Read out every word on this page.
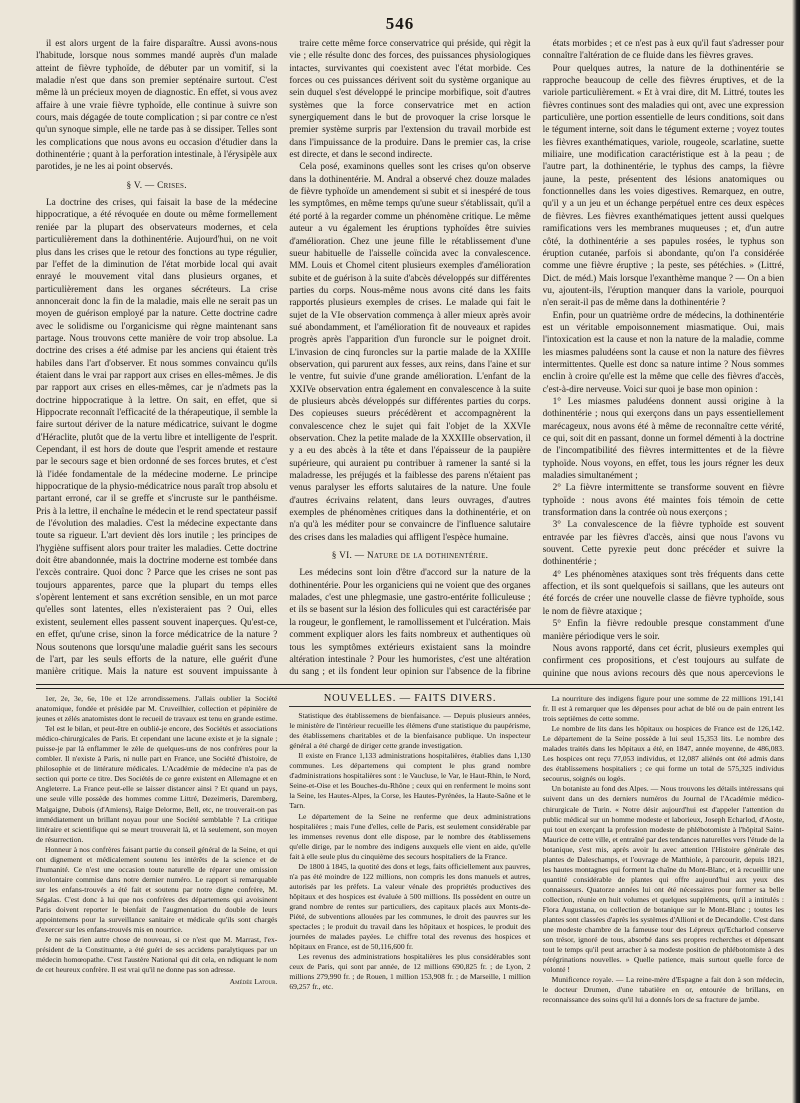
546

il est alors urgent de la faire disparaître. Aussi avons-nous l'habitude, lorsque nous sommes mandé auprès d'un malade atteint de fièvre typhoïde, de débuter par un vomitif, si la maladie n'est que dans son premier septénaire surtout. C'est même là un précieux moyen de diagnostic. En effet, si vous avez affaire à une vraie fièvre typhoïde, elle continue à suivre son cours, mais dégagée de toute complication ; si par contre ce n'est qu'un synoque simple, elle ne tarde pas à se dissiper. Telles sont les complications que nous avons eu occasion d'étudier dans la dothinentérie ; quant à la perforation intestinale, à l'érysipèle aux parotides, je ne les ai point observés.

§ V. — Crises.

La doctrine des crises, qui faisait la base de la médecine hippocratique, a été révoquée en doute ou même formellement reniée par la plupart des observateurs modernes, et cela particulièrement dans la dothinentérie. Aujourd'hui, on ne voit plus dans les crises que le retour des fonctions au type régulier, par l'effet de la diminution de l'état morbide local qui avait enrayé le mouvement vital dans plusieurs organes, et particulièrement dans les organes sécréteurs. La crise annoncerait donc la fin de la maladie, mais elle ne serait pas un moyen de guérison employé par la nature. Cette doctrine cadre avec le solidisme ou l'organicisme qui règne maintenant sans partage. Nous trouvons cette manière de voir trop absolue. La doctrine des crises a été admise par les anciens qui étaient très habiles dans l'art d'observer. Et nous sommes convaincu qu'ils étaient dans le vrai par rapport aux crises en elles-mêmes. Je dis par rapport aux crises en elles-mêmes, car je n'admets pas la doctrine hippocratique à la lettre. On sait, en effet, que si Hippocrate reconnaît l'efficacité de la thérapeutique, il semble la faire surtout dériver de la nature médicatrice, suivant le dogme d'Héraclite, plutôt que de la vertu libre et intelligente de l'esprit. Cependant, il est hors de doute que l'esprit amende et restaure par le secours sage et bien ordonné de ses forces brutes, et c'est là l'idée fondamentale de la médecine moderne. Le principe hippocratique de la physio-médicatrice nous paraît trop absolu et partant erroné, car il se greffe et s'incruste sur le panthéisme. Pris à la lettre, il enchaîne le médecin et le rend spectateur passif de l'évolution des maladies. C'est la médecine expectante dans toute sa rigueur. L'art devient dès lors inutile ; les principes de l'hygiène suffisent alors pour traiter les maladies. Cette doctrine doit être abandonnée, mais la doctrine moderne est tombée dans l'excès contraire. Quoi donc ? Parce que les crises ne sont pas toujours apparentes, parce que la plupart du temps elles s'opèrent lentement et sans excrétion sensible, en un mot parce qu'elles sont latentes, elles n'existeraient pas ? Oui, elles existent, seulement elles passent souvent inaperçues. Qu'est-ce, en effet, qu'une crise, sinon la force médicatrice de la nature ? Nous soutenons que lorsqu'une maladie guérit sans les secours de l'art, par les seuls efforts de la nature, elle guérit d'une manière critique. Mais la nature est souvent impuissante à

traire cette même force conservatrice qui préside, qui règit la vie ; elle résulte donc des forces, des puissances physiologiques intactes, survivantes qui coexistent avec l'état morbide. Ces forces ou ces puissances dérivent soit du système organique au sein duquel s'est développé le principe morbifique, soit d'autres systèmes que la force conservatrice met en action synergiquement dans le but de provoquer la crise lorsque le premier système surpris par l'extension du travail morbide est dans l'impuissance de la produire. Dans le premier cas, la crise est directe, et dans le second indirecte.

Cela posé, examinons quelles sont les crises qu'on observe dans la dothinentérie. M. Andral a observé chez douze malades de fièvre typhoïde un amendement si subit et si inespéré de tous les symptômes, en même temps qu'une sueur s'établissait, qu'il a été porté à la regarder comme un phénomène critique. Le même auteur a vu également les éruptions typhoïdes être suivies d'amélioration. Chez une jeune fille le rétablissement d'une sueur habituelle de l'aisselle coïncida avec la convalescence. MM. Louis et Chomel citent plusieurs exemples d'amélioration subite et de guérison à la suite d'abcès développés sur différentes parties du corps. Nous-même nous avons cité dans les faits rapportés plusieurs exemples de crises. Le malade qui fait le sujet de la VIe observation commença à aller mieux après avoir sué abondamment, et l'amélioration fit de nouveaux et rapides progrès après l'apparition d'un furoncle sur le poignet droit. L'invasion de cinq furoncles sur la partie malade de la XXIIIe observation, qui parurent aux fesses, aux reins, dans l'aine et sur le ventre, fut suivie d'une grande amélioration. L'enfant de la XXIVe observation entra également en convalescence à la suite de plusieurs abcès développés sur différentes parties du corps. Des copieuses sueurs précédèrent et accompagnèrent la convalescence chez le sujet qui fait l'objet de la XXVIe observation. Chez la petite malade de la XXXIIIe observation, il y a eu des abcès à la tête et dans l'épaisseur de la paupière supérieure, qui auraient pu contribuer à ramener la santé si la maladresse, les préjugés et la faiblesse des parens n'étaient pas venus paralyser les efforts salutaires de la nature. Une foule d'autres écrivains relatent, dans leurs ouvrages, d'autres exemples de phénomènes critiques dans la dothinentérie, et on n'a qu'à les méditer pour se convaincre de l'influence salutaire des crises dans les maladies qui affligent l'espèce humaine.

§ VI. — Nature de la dothinentérie.

Les médecins sont loin d'être d'accord sur la nature de la dothinentérie. Pour les organiciens qui ne voient que des organes malades, c'est une phlegmasie, une gastro-entérite folliculeuse ; et ils se basent sur la lésion des follicules qui est caractérisée par la rougeur, le gonflement, le ramollissement et l'ulcération. Mais comment expliquer alors les faits nombreux et authentiques où tous les symptômes extérieurs existaient sans la moindre altération intestinale ? Pour les humoristes, c'est une altération du sang ; et ils fondent leur opinion sur l'absence de la fibrine

états morbides ; et ce n'est pas à eux qu'il faut s'adresser pour connaître l'altération de ce fluide dans les fièvres graves.

Pour quelques autres, la nature de la dothinentérie se rapproche beaucoup de celle des fièvres éruptives, et de la variole particulièrement. « Et à vrai dire, dit M. Littré, toutes les fièvres continues sont des maladies qui ont, avec une expression particulière, une portion essentielle de leurs conditions, soit dans le tégument interne, soit dans le tégument externe ; voyez toutes les fièvres exanthématiques, variole, rougeole, scarlatine, suette miliaire, une modification caractéristique est à la peau ; de l'autre part, la dothinentérie, le typhus des camps, la fièvre jaune, la peste, présentent des lésions anatomiques ou fonctionnelles dans les voies digestives. Remarquez, en outre, qu'il y a un jeu et un échange perpétuel entre ces deux espèces de fièvres. Les fièvres exanthématiques jettent aussi quelques ramifications vers les membranes muqueuses ; et, d'un autre côté, la dothinentérie a ses papules rosées, le typhus son éruption cutanée, parfois si abondante, qu'on l'a considérée comme une fièvre éruptive ; la peste, ses pétéchies. » (Littré, Dict. de méd.) Mais lorsque l'exanthème manque ? — On a bien vu, ajoutent-ils, l'éruption manquer dans la variole, pourquoi n'en serait-il pas de même dans la dothinentérie ?

Enfin, pour un quatrième ordre de médecins, la dothinentérie est un véritable empoisonnement miasmatique. Oui, mais l'intoxication est la cause et non la nature de la maladie, comme les miasmes paludéens sont la cause et non la nature des fièvres intermittentes. Quelle est donc sa nature intime ? Nous sommes enclin à croire qu'elle est la même que celle des fièvres d'accès, c'est-à-dire nerveuse. Voici sur quoi je base mon opinion :

1° Les miasmes paludéens donnent aussi origine à la dothinentérie ; nous qui exerçons dans un pays essentiellement marécageux, nous avons été à même de reconnaître cette vérité, ce qui, soit dit en passant, donne un formel démenti à la doctrine de l'incompatibilité des fièvres intermittentes et de la fièvre typhoïde. Nous voyons, en effet, tous les jours régner les deux maladies simultanément ;

2° La fièvre intermittente se transforme souvent en fièvre typhoïde : nous avons été maintes fois témoin de cette transformation dans la contrée où nous exerçons ;

3° La convalescence de la fièvre typhoïde est souvent entravée par les fièvres d'accès, ainsi que nous l'avons vu souvent. Cette pyrexie peut donc précéder et suivre la dothinentérie ;

4° Les phénomènes ataxiques sont très fréquents dans cette affection, et ils sont quelquefois si saillans, que les auteurs ont été forcés de créer une nouvelle classe de fièvre typhoïde, sous le nom de fièvre ataxique ;

5° Enfin la fièvre redouble presque constamment d'une manière périodique vers le soir.

Nous avons rapporté, dans cet écrit, plusieurs exemples qui confirment ces propositions, et c'est toujours au sulfate de quinine que nous avions recours dès que nous apercevions le

1er, 2e, 3e, 6e, 10e et 12e arrondissemens. J'allais oublier la Société anatomique, fondée et présidée par M. Cruveilhier, collection et pépinière de jeunes et zélés anatomistes dont le recueil de travaux est tenu en grande estime.

Tel est le bilan, et peut-être en oublié-je encore, des Sociétés et associations médico-chirurgicales de Paris. Et cependant une lacune existe et je la signale ; puisse-je par là enflammer le zèle de quelques-uns de nos confrères pour la combler. Il n'existe à Paris, ni nulle part en France, une Société d'histoire, de philosophie et de littérature médicales. L'Académie de médecine n'a pas de section qui porte ce titre. Des Sociétés de ce genre existent en Allemagne et en Angleterre. La France peut-elle se laisser distancer ainsi ? Et quand un pays, une seule ville possède des hommes comme Littré, Dezeimeris, Daremberg, Malgaigne, Dubois (d'Amiens), Raige Delorme, Bell, etc, ne trouverait-on pas immédiatement un brillant noyau pour une Société semblable ? La critique littéraire et scientifique qui se meurt trouverait là, et là seulement, son moyen de résurrection.

Honneur à nos confrères faisant partie du conseil général de la Seine, et qui ont dignement et médicalement soutenu les intérêts de la science et de l'humanité. Ce n'est une occasion toute naturelle de réparer une omission involontaire commise dans notre dernier numéro. Le rapport si remarquable sur les enfans-trouvés a été fait et soutenu par notre digne confrère, M. Ségalas. C'est donc à lui que nos confrères des départemens qui avoisinent Paris doivent reporter le bienfait de l'augmentation du double de leurs appointemens pour la surveillance sanitaire et médicale qu'ils sont chargés d'exercer sur les enfans-trouvés mis en nourrice.

Je ne sais rien autre chose de nouveau, si ce n'est que M. Marrast, l'ex-président de la Constituante, a été guéri de ses accidens paralytiques par un médecin homœopathe. C'est l'austère National qui dit cela, en ndiquant le nom de cet heureux confrère. Il est vrai qu'il ne donne pas son adresse.

Amédée Latour.
NOUVELLES. — FAITS DIVERS.

Statistique des établissemens de bienfaisance. — Depuis plusieurs années, le ministère de l'intérieur recueille les élémens d'une statistique du paupérisme, des établissemens charitables et de la bienfaisance publique. Un inspecteur général a été chargé de diriger cette grande investigation.

Il existe en France 1,133 administrations hospitalières, établies dans 1,130 communes. Les départemens qui comptent le plus grand nombre d'administrations hospitalières sont : le Vaucluse, le Var, le Haut-Rhin, le Nord, Seine-et-Oise et les Bouches-du-Rhône ; ceux qui en renferment le moins sont la Seine, les Hautes-Alpes, la Corse, les Hautes-Pyrénées, la Haute-Saône et le Tarn.

Le département de la Seine ne renferme que deux administrations hospitalières ; mais l'une d'elles, celle de Paris, est seulement considérable par les immenses revenus dont elle dispose, par le nombre des établissemens qu'elle dirige, par le nombre des indigens auxquels elle vient en aide, qu'elle fait à elle seule plus du cinquième des secours hospitaliers de la France.

De 1800 à 1845, la quotité des dons et legs, faits officiellement aux pauvres, n'a pas été moindre de 122 millions, non compris les dons manuels et autres, autorisés par les préfets. La valeur vénale des propriétés productives des hôpitaux et des hospices est évaluée à 500 millions. Ils possèdent en outre un grand nombre de rentes sur particuliers, des capitaux placés aux Monts-de-Piété, de subventions allouées par les communes, le droit des pauvres sur les spectacles ; le produit du travail dans les hôpitaux et hospices, le produit des journées de malades payées. Le chiffre total des revenus des hospices et hôpitaux en France, est de 50,116,600 fr.

Les revenus des administrations hospitalières les plus considérables sont ceux de Paris, qui sont par année, de 12 millions 690,825 fr. ; de Lyon, 2 millions 279,990 fr. ; de Rouen, 1 million 153,908 fr. ; de Marseille, 1 million 69,257 fr., etc.

La nourriture des indigens figure pour une somme de 22 millions 191,141 fr. Il est à remarquer que les dépenses pour achat de blé ou de pain entrent les trois septièmes de cette somme.

Le nombre de lits dans les hôpitaux ou hospices de France est de 126,142. Le département de la Seine possède à lui seul 15,353 lits. Le nombre des malades traités dans les hôpitaux a été, en 1847, année moyenne, de 486,083. Les hospices ont reçu 77,053 individus, et 12,087 aliénés ont été admis dans des établissemens hospitaliers ; ce qui forme un total de 575,325 individus secourus, soignés ou logés.

Un botaniste au fond des Alpes. — Nous trouvons les détails intéressans qui suivent dans un des derniers numéros du Journal de l'Académie médico-chirurgicale de Turin. « Notre désir aujourd'hui est d'appeler l'attention du public médical sur un homme modeste et laborieux, Joseph Echarlod, d'Aoste, qui tout en exerçant la profession modeste de phlébotomiste à l'hôpital Saint-Maurice de cette ville, et entraîné par des tendances naturelles vers l'étude de la botanique, s'est mis, après avoir lu avec attention l'Histoire générale des plantes de Daleschamps, et l'ouvrage de Matthiole, à parcourir, depuis 1821, les hautes montagnes qui forment la chaîne du Mont-Blanc, et à recueillir une quantité considérable de plantes qui offre aujourd'hui aux yeux des connaisseurs. Quatorze années lui ont été nécessaires pour former sa belle collection, réunie en huit volumes et quelques suppléments, qu'il a intitulés : Flora Augustana, ou collection de botanique sur le Mont-Blanc ; toutes les plantes sont classées d'après les systèmes d'Allioni et de Decandolle. C'est dans une modeste chambre de la fameuse tour des Lépreux qu'Echarlod conserve son trésor, ignoré de tous, absorbé dans ses propres recherches et dépensant tout le temps qu'il peut arracher à sa modeste position de phlébotomiste à des pérégrinations nouvelles. » Quelle patience, mais surtout quelle force de volonté !

Munificence royale. — La reine-mère d'Espagne a fait don à son médecin, le docteur Drumen, d'une tabatière en or, entourée de brillans, en reconnaissance des soins qu'il lui a donnés lors de sa fracture de jambe.
